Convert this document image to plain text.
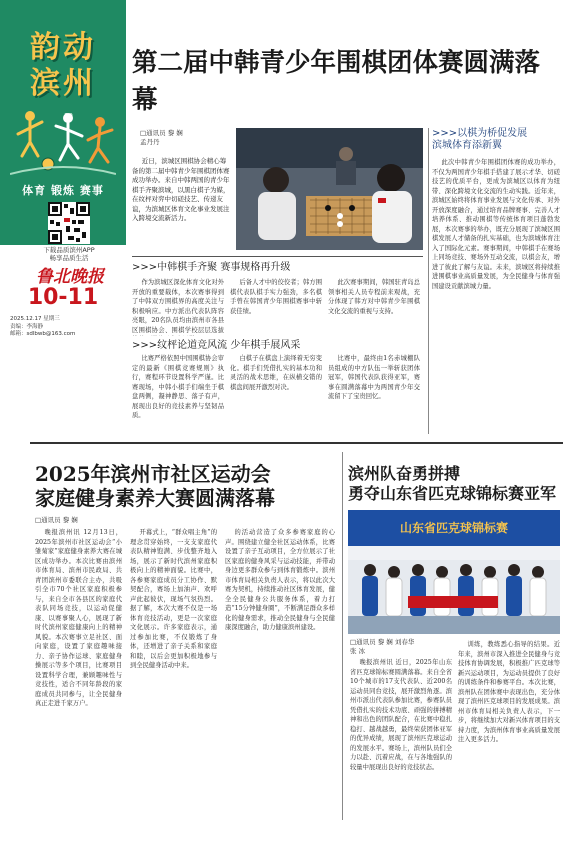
韵动
滨州
体育 锻炼 赛事
下载品质滨州APP
畅享品质生活
鲁北晚报
10-11
2025.12.17 星期三
责编：李海静
邮箱：sdlbwb@163.com
第二届中韩青少年围棋团体赛圆满落幕
□通讯员 黎 娴
孟丹丹
近日，滨城区围棋协会精心筹备的第二届中韩青少年围棋团体赛成功举办。来自中韩两国的青少年棋手齐聚滨城，以黑白棋子为媒，在纹枰对弈中切磋技艺、传递友谊，为滨城区体育文化事业发展注入跨境交流新活力。
>>>中韩棋手齐聚 赛事规格再升级
作为滨城区深化体育文化对外开放的重要载体，本次赛事得到了中韩双方围棋界的高度关注与积极响应。中方派出代表队阵容亮眼，20名队员均由滨州市各县区围棋协会、围棋学校层层选拔
后备人才中的佼佼者；韩方围棋代表队棋手实力强劲，多名棋手曾在韩国青少年围棋赛事中斩获佳绩。
此次赛事期间，韩国驻青岛总领事相关人员专程前来观战，充分体现了韩方对中韩青少年围棋文化交流的重视与支持。
>>>纹枰论道竞风流 少年棋手展风采
比赛严格依照中国围棋协会审定的最新《围棋竞赛规则》执行，赛程环节设置科学严谨。比赛现场，中韩小棋手们端坐于棋盘两侧，凝神静思、落子有声，展现出良好的竞技素养与坚韧品质。
白棋子在棋盘上演绎着无穷变化。棋手们凭借扎实的基本功和灵活的战术思维，在纵横交错的棋盘间展开激烈对决。
比赛中，最终由1名赤城棚队员组成的中方队伍一举斩获团体冠军，韩国代表队获得亚军，赛事在圆满落幕中为两国青少年交流留下了宝贵回忆。
>>>以棋为桥促发展
滨城体育添新翼
此次中韩青少年围棋团体赛的成功举办，不仅为两国青少年棋手搭建了展示才华、切磋技艺的优质平台，更成为滨城区以体育为纽带、深化跨境文化交流的生动实践。近年来，滨城区始终将体育事业发展与文化传承、对外开放深度融合，通过培育品牌赛事、完善人才培养体系、推动围棋等传统体育项目蓬勃发展，本次赛事的举办，既充分展现了滨城区围棋发展人才储备的扎实基础，也为滨城体育注入了国际化元素。赛事期间，中韩棋手在赛场上同场竞技、赛场外互动交流，以棋会友，增进了彼此了解与友谊。未来，滨城区将持续推进围棋事业高质量发展，为全民健身与体育强国建设贡献滨城力量。
2025年滨州市社区运动会家庭健身素养大赛圆满落幕
□通讯员 黎 娴
晚报滨州讯 12月13日，2025年滨州市社区运动会“小雏菊家”家庭健身素养大赛在城区成功举办。本次比赛由滨州市体育局、滨州市民政局、共青团滨州市委联合主办，共吸引全市70个社区家庭积极参与，来自全市各县区的家庭代表队同场竞技，以运动促健康、以赛事聚人心，展现了新时代滨州家庭健康向上的精神风貌。本次赛事立足社区、面向家庭，设置了家庭趣味接力、亲子协作运球、家庭健身操展示等多个项目，比赛项目设置科学合理，兼顾趣味性与竞技性，适合不同年龄段的家庭成员共同参与，让全民健身真正走进千家万户。
开幕式上，“群众唱主角”的理念贯穿始终，一支支家庭代表队精神饱满、步伐整齐地入场，展示了新时代滨州家庭积极向上的精神面貌。比赛中，各参赛家庭成员分工协作、默契配合，赛场上加油声、欢呼声此起彼伏，现场气氛热烈。据了解，本次大赛不仅是一场体育竞技活动，更是一次家庭文化展示。许多家庭表示，通过参加比赛，不仅锻炼了身体，还增进了亲子关系和家庭和睦，以后会更加积极地参与到全民健身活动中来。
的活动营造了众多参赛家庭的心声。围绕建立健全社区运动体系，比赛设置了亲子互动项目，全方位展示了社区家庭的健身风采与运动技能，并带动身边更多群众参与到体育锻炼中。滨州市体育局相关负责人表示，将以此次大赛为契机，持续推动社区体育发展，健全全民健身公共服务体系，着力打造“15分钟健身圈”，不断满足群众多样化的健身需求，推动全民健身与全民健康深度融合，助力健康滨州建设。
滨州队奋勇拼搏
勇夺山东省匹克球锦标赛亚军
山东省匹克球锦标赛
□通讯员 黎 娴 刘春华
张 冰
晚报滨州讯 近日，2025年山东省匹克球锦标赛圆满落幕。来自全省10个城市的17支代表队、近200名运动员同台竞技，展开激烈角逐。滨州市派出代表队参加比赛，参赛队员凭借扎实的技术功底、顽强的拼搏精神和出色的团队配合，在比赛中稳扎稳打、越战越勇，最终荣获团体亚军的优异成绩，展现了滨州匹克球运动的发展水平。赛场上，滨州队员们全力以赴、沉着应战，在与各地强队的较量中展现出良好的竞技状态。
训练，教练悉心指导的结果。近年来，滨州市深入推进全民健身与竞技体育协调发展，积极推广匹克球等新兴运动项目，为运动员提供了良好的训练条件和参赛平台。本次比赛，滨州队在团体赛中表现出色，充分体现了滨州匹克球项目的发展成果。滨州市体育局相关负责人表示，下一步，将继续加大对新兴体育项目的支持力度，为滨州体育事业高质量发展注入更多活力。
